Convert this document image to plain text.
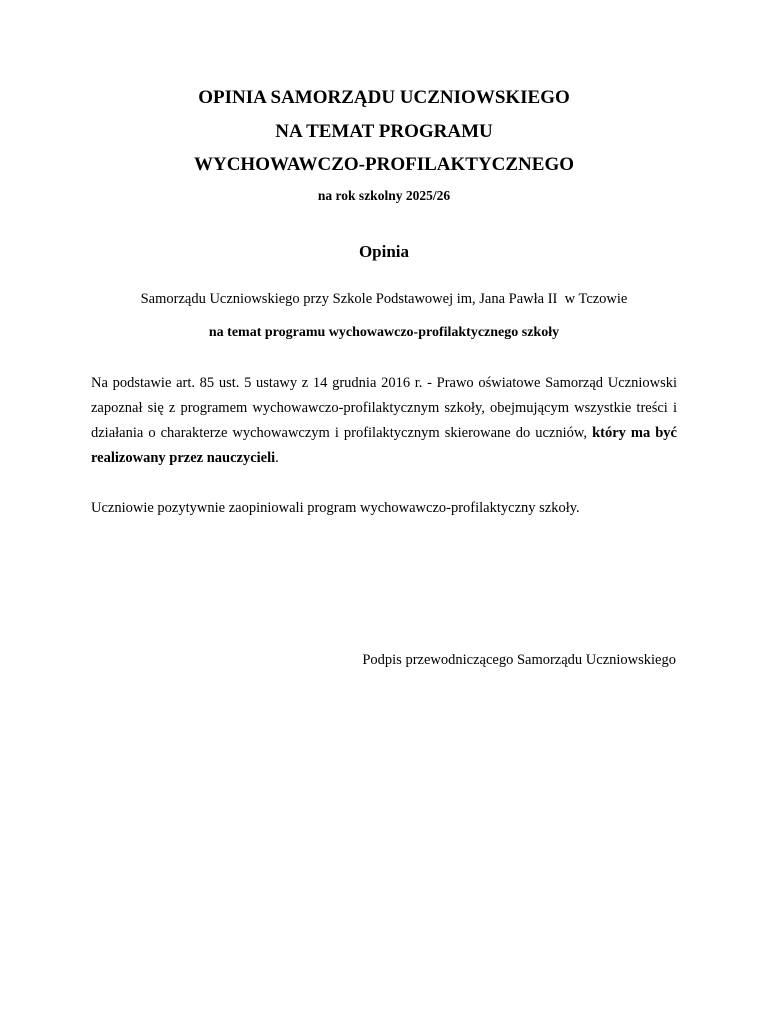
OPINIA SAMORZĄDU UCZNIOWSKIEGO
NA TEMAT PROGRAMU
WYCHOWAWCZO-PROFILAKTYCZNEGO
na rok szkolny 2025/26
Opinia
Samorządu Uczniowskiego przy Szkole Podstawowej im, Jana Pawła II  w Tczowie
na temat programu wychowawczo-profilaktycznego szkoły

Na podstawie art. 85 ust. 5 ustawy z 14 grudnia 2016 r. - Prawo oświatowe Samorząd Uczniowski zapoznał się z programem wychowawczo-profilaktycznym szkoły, obejmującym wszystkie treści i działania o charakterze wychowawczym i profilaktycznym skierowane do uczniów, który ma być realizowany przez nauczycieli.

Uczniowie pozytywnie zaopiniowali program wychowawczo-profilaktyczny szkoły.

Podpis przewodniczącego Samorządu Uczniowskiego
